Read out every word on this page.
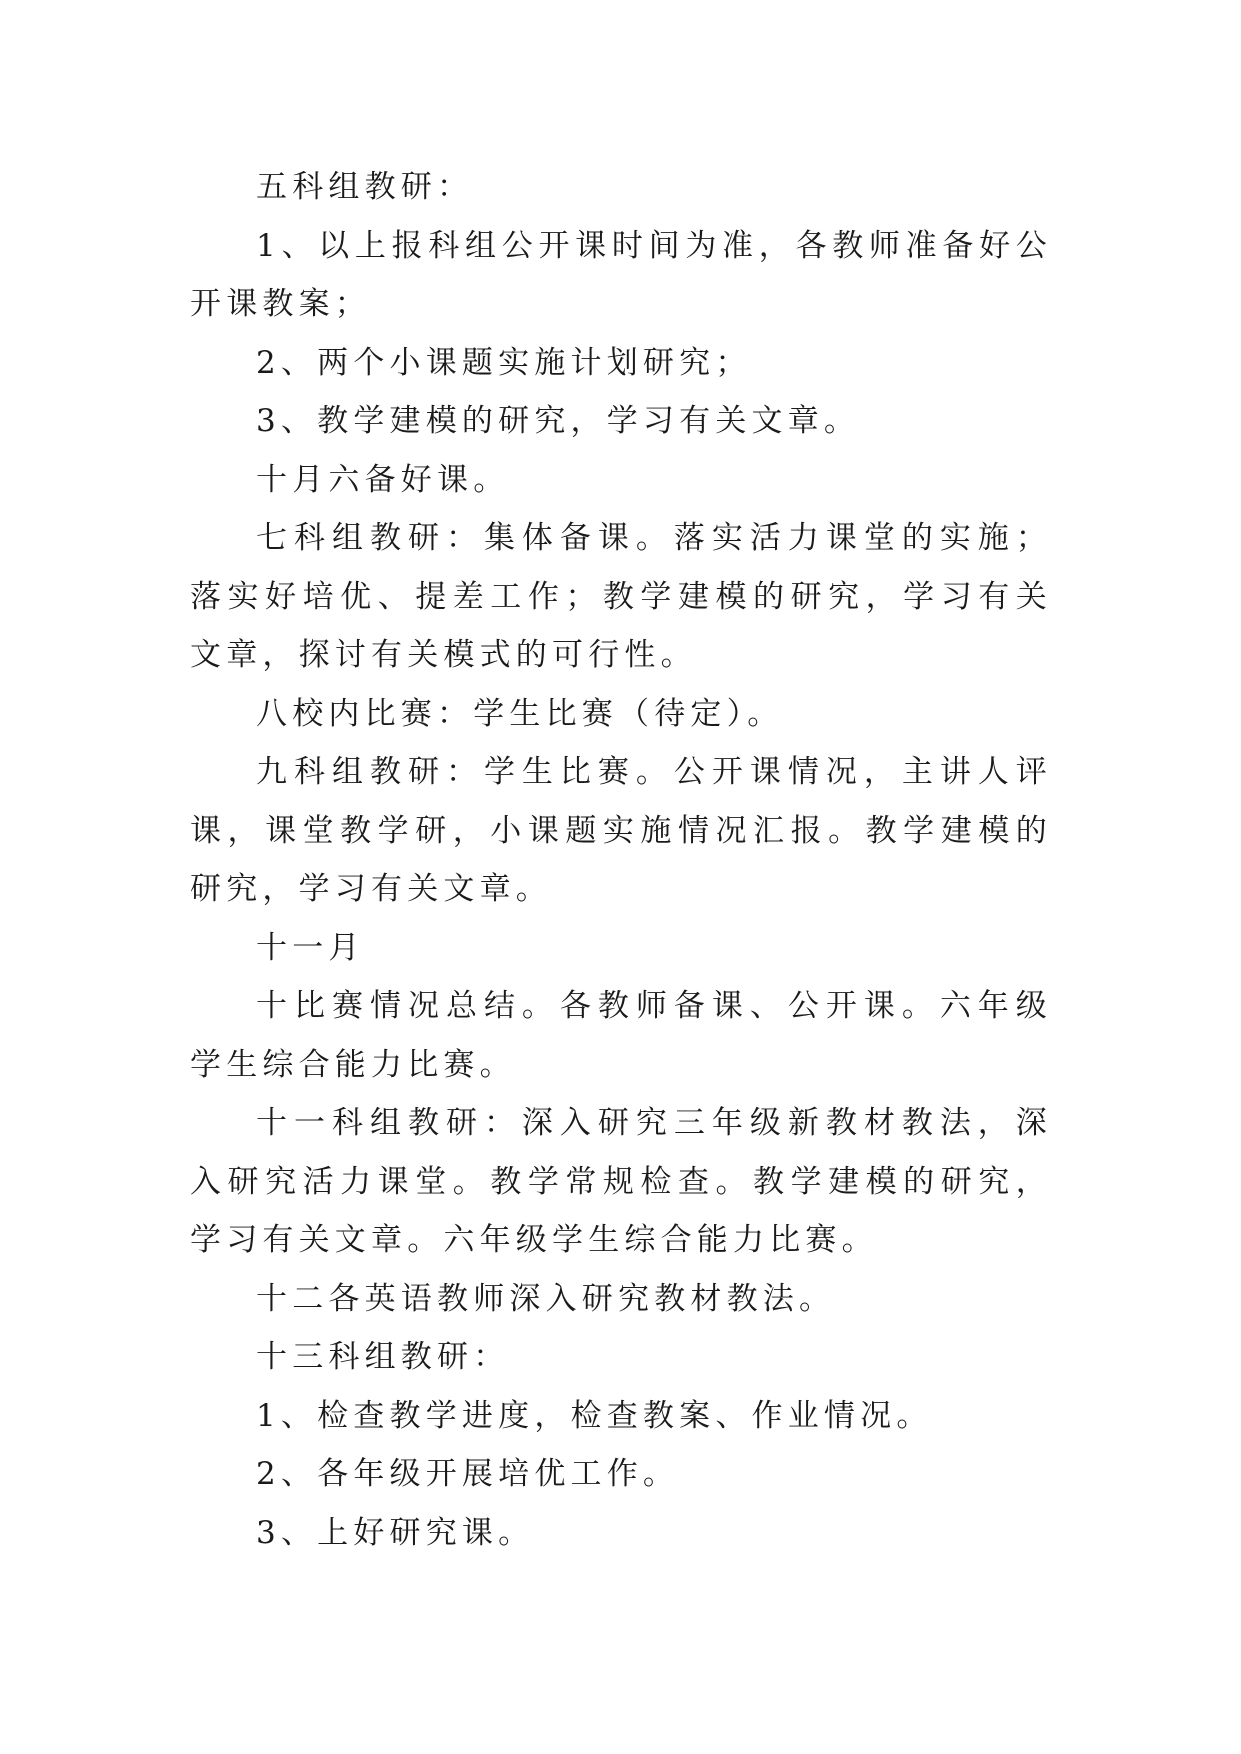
五科组教研：

1、以上报科组公开课时间为准，各教师准备好公开课教案；

2、两个小课题实施计划研究；

3、教学建模的研究，学习有关文章。

十月六备好课。

七科组教研：集体备课。落实活力课堂的实施；落实好培优、提差工作；教学建模的研究，学习有关文章，探讨有关模式的可行性。

八校内比赛：学生比赛（待定）。

九科组教研：学生比赛。公开课情况，主讲人评课，课堂教学研，小课题实施情况汇报。教学建模的研究，学习有关文章。

十一月

十比赛情况总结。各教师备课、公开课。六年级学生综合能力比赛。

十一科组教研：深入研究三年级新教材教法，深入研究活力课堂。教学常规检查。教学建模的研究，学习有关文章。六年级学生综合能力比赛。

十二各英语教师深入研究教材教法。

十三科组教研：

1、检查教学进度，检查教案、作业情况。

2、各年级开展培优工作。

3、上好研究课。
